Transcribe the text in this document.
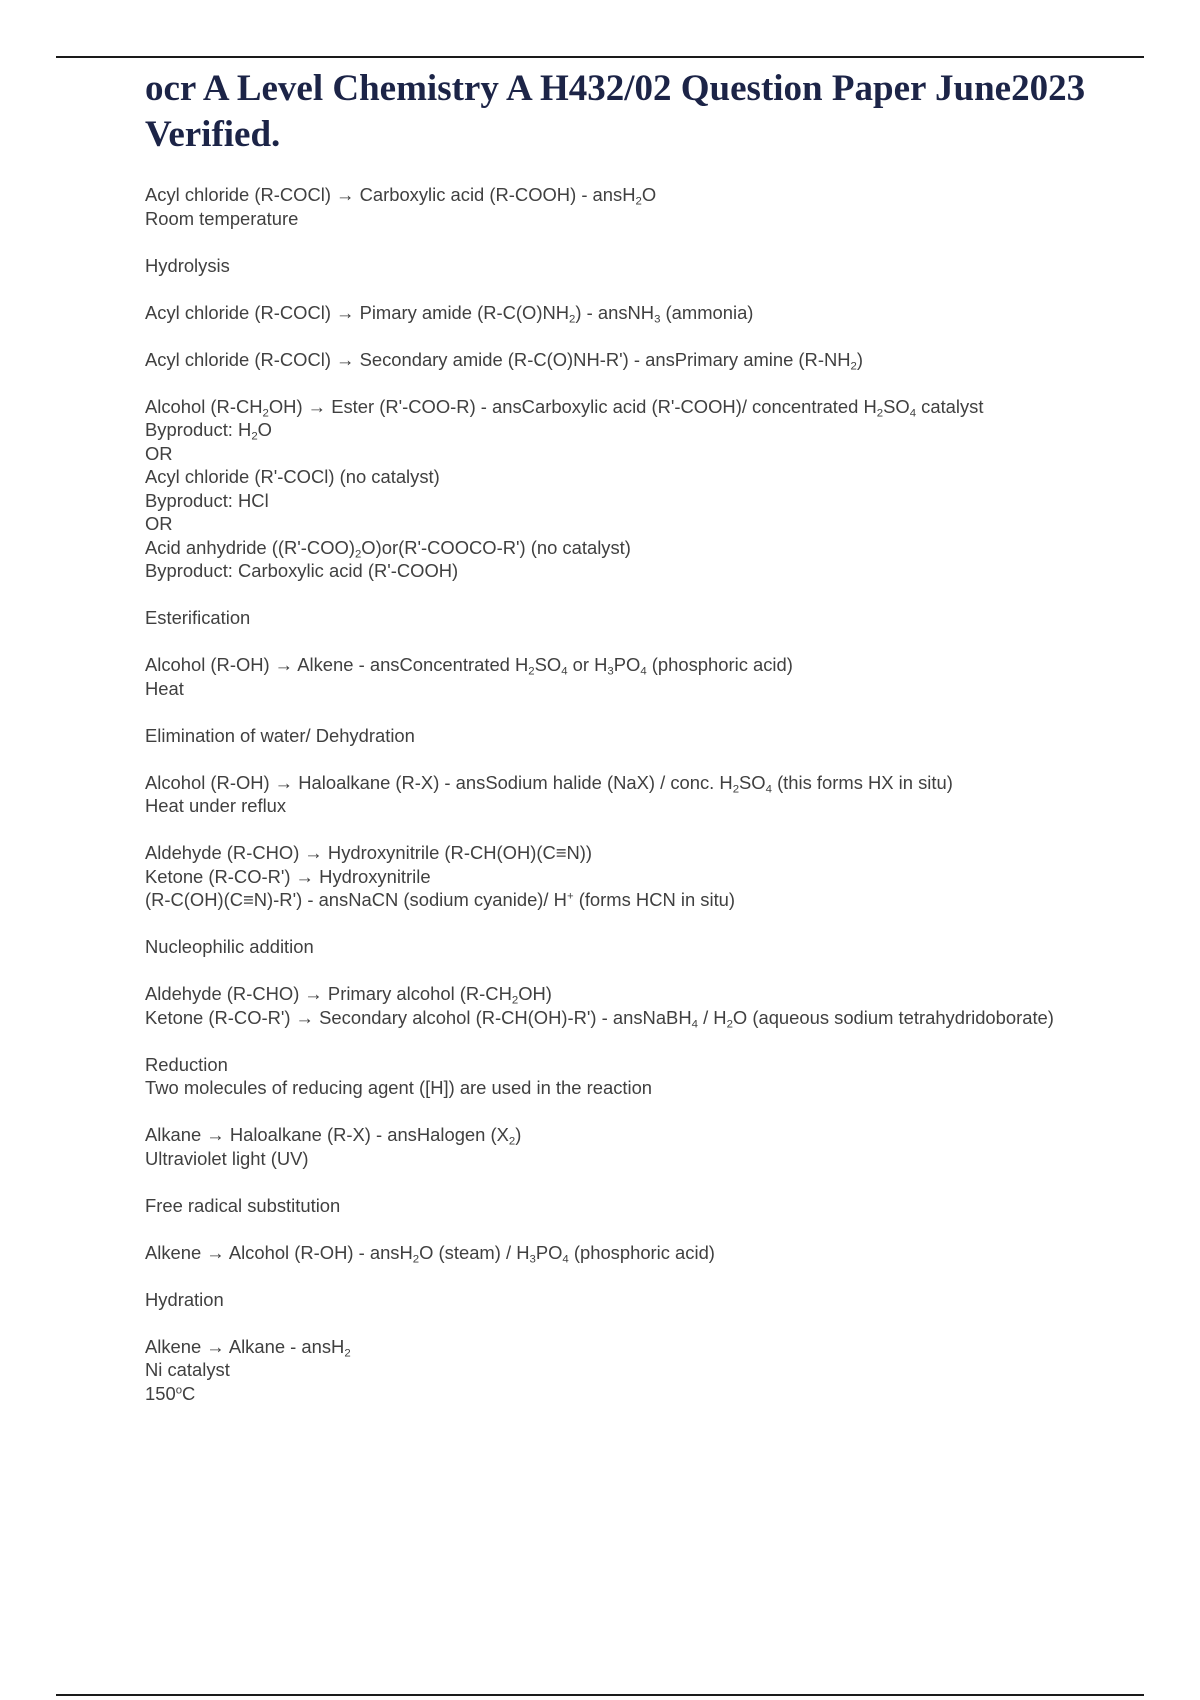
ocr A Level Chemistry A H432/02 Question Paper June2023 Verified.
Acyl chloride (R-COCl) → Carboxylic acid (R-COOH) - ansH$_2$O
Room temperature
Hydrolysis
Acyl chloride (R-COCl) → Pimary amide $(R-C(O)NH_2)$ - ansNH$_3$ (ammonia)
Acyl chloride (R-COCl) → Secondary amide (R-C(O)NH-R') - ansPrimary amine $(R-NH_2)$
Alcohol $(R-CH_2OH)$ → Ester (R'-COO-R) - ansCarboxylic acid (R'-COOH)/ concentrated $H_2SO_4$ catalyst
Byproduct: $H_2O$
OR
Acyl chloride (R'-COCl) (no catalyst)
Byproduct: HCl
OR
Acid anhydride $((R'-COO)_2O)or(R'-COOCO-R')$ (no catalyst)
Byproduct: Carboxylic acid (R'-COOH)
Esterification
Alcohol (R-OH) → Alkene - ansConcentrated $H_2SO_4$ or $H_3PO_4$ (phosphoric acid)
Heat
Elimination of water/ Dehydration
Alcohol (R-OH) → Haloalkane (R-X) - ansSodium halide (NaX) / conc. $H_2SO_4$ (this forms HX in situ)
Heat under reflux
Aldehyde (R-CHO) → Hydroxynitrile (R-CH(OH)(C≡N))
Ketone (R-CO-R') → Hydroxynitrile
(R-C(OH)(C≡N)-R') - ansNaCN (sodium cyanide)/ H+ (forms HCN in situ)
Nucleophilic addition
Aldehyde (R-CHO) → Primary alcohol $(R-CH_2OH)$
Ketone (R-CO-R') → Secondary alcohol (R-CH(OH)-R') - ansNaBH$_4$ / $H_2O$ (aqueous sodium tetrahydridoborate)
Reduction
Two molecules of reducing agent ([H]) are used in the reaction
Alkane → Haloalkane (R-X) - ansHalogen $(X_2)$
Ultraviolet light (UV)
Free radical substitution
Alkene → Alcohol (R-OH) - ansH$_2$O (steam) / $H_3PO_4$ (phosphoric acid)
Hydration
Alkene → Alkane - ansH$_2$
Ni catalyst
150$^o$C
